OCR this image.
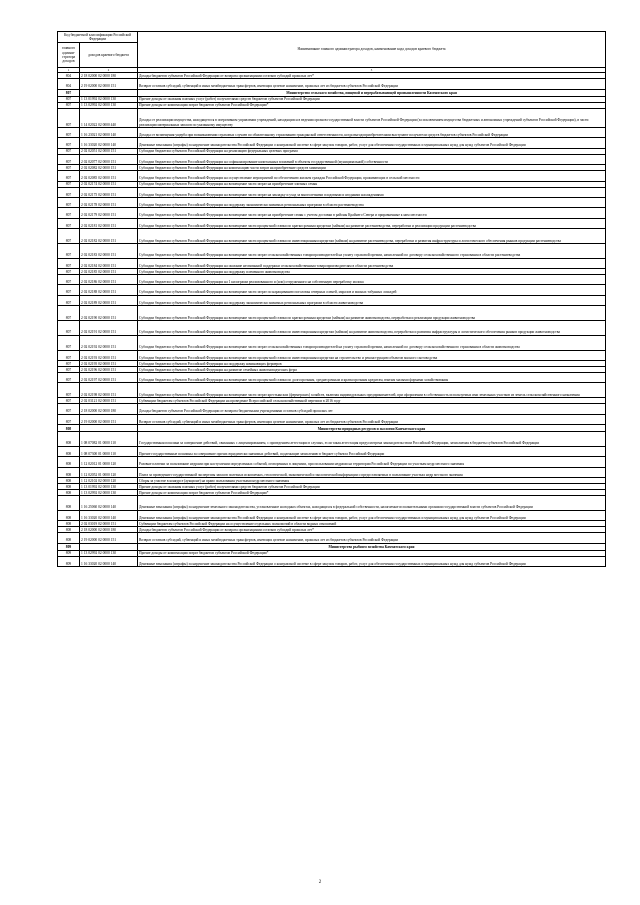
Код бюджетной классификации Российской Федерации		Наименование главного администратора доходов, наименование кода доходов краевого бюджета
главного админи-стратора доходов	доходов краевого бюджета	
1	2	3
804	2 18 02000 02 0000 180	Доходы бюджетов субъектов Российской Федерации от возврата организациями остатков субсидий прошлых лет*
804	2 19 02000 02 0000 151	Возврат остатков субсидий, субвенций и иных межбюджетных трансфертов, имеющих целевое назначение, прошлых лет из бюджетов субъектов Российской Федерации
807		Министерство сельского хозяйства, пищевой и перерабатывающей промышленности Камчатского края
807	1 13 01992 02 0000 130	Прочие доходы от оказания платных услуг (работ) получателями средств бюджетов субъектов Российской Федерации
807	1 13 02992 02 0000 130	Прочие доходы от компенсации затрат бюджетов субъектов Российской Федерации*
807	1 14 02022 02 0000 440	Доходы от реализации имущества, находящегося в оперативном управлении учреждений, находящихся в ведении органов государственной власти субъектов Российской Федерации (за исключением имущества бюджетных и автономных учреждений субъектов Российской Федерации), в части реализации материальных запасов по указанному имуществу
807	1 16 23021 02 0000 140	Доходы от возмещения ущерба при возникновении страховых случаев по обязательному страхованию гражданской ответственности, когда выгодоприобретателями выступают получатели средств бюджетов субъектов Российской Федерации
807	1 16 33020 02 0000 140	Денежные взыскания (штрафы) за нарушение законодательства Российской Федерации о контрактной системе в сфере закупок товаров, работ, услуг для обеспечения государственных и муниципальных нужд для нужд субъектов Российской Федерации
807	2 02 02051 02 0000 151	Субсидии бюджетам субъектов Российской Федерации на реализацию федеральных целевых программ
807	2 02 02077 02 0000 151	Субсидии бюджетам субъектов Российской Федерации на софинансирование капитальных вложений в объекты государственной (муниципальной) собственности
807	2 02 02082 02 0000 151	Субсидии бюджетам субъектов Российской Федерации на компенсацию части затрат на приобретение средств химизации
807	2 02 02085 02 0000 151	Субсидии бюджетам субъектов Российской Федерации на осуществление мероприятий по обеспечению жильем граждан Российской Федерации, проживающих в сельской местности
807	2 02 02174 02 0000 151	Субсидии бюджетам субъектов Российской Федерации на возмещение части затрат на приобретение элитных семян
807	2 02 02175 02 0000 151	Субсидии бюджетам субъектов Российской Федерации на возмещение части затрат на закладку и уход за многолетними плодовыми и ягодными насаждениями
807	2 02 02178 02 0000 151	Субсидии бюджетам субъектов Российской Федерации на поддержку экономически значимых региональных программ в области растениеводства
807	2 02 02179 02 0000 151	Субсидии бюджетам субъектов Российской Федерации на возмещение части затрат на приобретение семян с учетом доставки в районы Крайнего Севера и приравненные к ним местности
807	2 02 02181 02 0000 151	Субсидии бюджетам субъектов Российской Федерации на возмещение части процентной ставки по краткосрочным кредитам (займам) на развитие растениеводства, переработки и реализации продукции растениеводства
807	2 02 02182 02 0000 151	Субсидии бюджетам субъектов Российской Федерации на возмещение части процентной ставки по инвестиционным кредитам (займам) на развитие растениеводства, переработки и развития инфраструктуры и логистического обеспечения рынков продукции растениеводства
807	2 02 02183 02 0000 151	Субсидии бюджетам субъектов Российской Федерации на возмещение части затрат сельскохозяйственных товаропроизводителей на уплату страховой премии, начисленной по договору сельскохозяйственного страхования в области растениеводства
807	2 02 02184 02 0000 151	Субсидии бюджетам субъектов Российской Федерации на оказание несвязанной поддержки сельскохозяйственным товаропроизводителям в области растениеводства
807	2 02 02185 02 0000 151	Субсидии бюджетам субъектов Российской Федерации на поддержку племенного животноводства
807	2 02 02186 02 0000 151	Субсидии бюджетам субъектов Российской Федерации на 1 килограмм реализованного и (или) отгруженного на собственную переработку молока
807	2 02 02188 02 0000 151	Субсидии бюджетам субъектов Российской Федерации на возмещение части затрат по наращиванию поголовья северных оленей, маралов и мясных табунных лошадей
807	2 02 02189 02 0000 151	Субсидии бюджетам субъектов Российской Федерации на поддержку экономически значимых региональных программ в области животноводства
807	2 02 02190 02 0000 151	Субсидии бюджетам субъектов Российской Федерации на возмещение части процентной ставки по краткосрочным кредитам (займам) на развитие животноводства, переработки и реализации продукции животноводства
807	2 02 02191 02 0000 151	Субсидии бюджетам субъектов Российской Федерации на возмещение части процентной ставки по инвестиционным кредитам (займам) на развитие животноводства, переработки и развития инфраструктуры и логистического обеспечения рынков продукции животноводства
807	2 02 02192 02 0000 151	Субсидии бюджетам субъектов Российской Федерации на возмещение части затрат сельскохозяйственных товаропроизводителей на уплату страховой премии, начисленной по договору сельскохозяйственного страхования в области животноводства
807	2 02 02193 02 0000 151	Субсидии бюджетам субъектов Российской Федерации на возмещение части процентной ставки по инвестиционным кредитам на строительство и реконструкцию объектов мясного скотоводства
807	2 02 02195 02 0000 151	Субсидии бюджетам субъектов Российской Федерации на поддержку начинающих фермеров
807	2 02 02196 02 0000 151	Субсидии бюджетам субъектов Российской Федерации на развитие семейных животноводческих ферм
807	2 02 02197 02 0000 151	Субсидии бюджетам субъектов Российской Федерации на возмещение части процентной ставки по долгосрочным, среднесрочным и краткосрочным кредитам, взятым малыми формами хозяйствования
807	2 02 02198 02 0000 151	Субсидии бюджетам субъектов Российской Федерации на возмещение части затрат крестьянских (фермерских) хозяйств, включая индивидуальных предпринимателей, при оформлении в собственность используемых ими земельных участков из земель сельскохозяйственного назначения
807	2 02 03121 02 0000 151	Субвенции бюджетам субъектов Российской Федерации на проведение Всероссийской сельскохозяйственной переписи в 2016 году
807	2 18 02000 02 0000 180	Доходы бюджетов субъектов Российской Федерации от возврата бюджетными учреждениями остатков субсидий прошлых лет
807	2 19 02000 02 0000 151	Возврат остатков субсидий, субвенций и иных межбюджетных трансфертов, имеющих целевое назначение, прошлых лет из бюджетов субъектов Российской Федерации
808		Министерство природных ресурсов и экологии Камчатского края
808	1 08 07082 01 0000 110	Государственная пошлина за совершение действий, связанных с лицензированием, с проведением аттестации в случаях, если такая аттестация предусмотрена законодательством Российской Федерации, зачисляемая в бюджеты субъектов Российской Федерации
808	1 08 07300 01 0000 110	Прочие государственные пошлины за совершение прочих юридически значимых действий, подлежащие зачислению в бюджет субъекта Российской Федерации
808	1 12 02012 01 0000 120	Разовые платежи за пользование недрами при наступлении определенных событий, оговоренных в лицензии, при пользовании недрами на территории Российской Федерации по участкам недр местного значения
808	1 12 02052 01 0000 120	Плата за проведение государственной экспертизы запасов полезных ископаемых, геологической, экономической и экологической информации о предоставляемых в пользование участках недр местного значения
808	1 12 02102 02 0000 120	Сборы за участие в конкурсе (аукционе) на право пользования участками недр местного значения
808	1 13 01992 02 0000 130	Прочие доходы от оказания платных услуг (работ) получателями средств бюджетов субъектов Российской Федерации
808	1 13 02992 02 0000 130	Прочие доходы от компенсации затрат бюджетов субъектов Российской Федерации*
808	1 16 25060 02 0000 140	Денежные взыскания (штрафы) за нарушение земельного законодательства, установленное на водных объектах, находящихся в федеральной собственности, налагаемые исполнительными органами государственной власти субъектов Российской Федерации
808	1 16 33020 02 0000 140	Денежные взыскания (штрафы) за нарушение законодательства Российской Федерации о контрактной системе в сфере закупок товаров, работ, услуг для обеспечения государственных и муниципальных нужд для нужд субъектов Российской Федерации
808	2 02 03019 02 0000 151	Субвенции бюджетам субъектов Российской Федерации на осуществление отдельных полномочий в области водных отношений
808	2 18 02000 02 0000 180	Доходы бюджетов субъектов Российской Федерации от возврата организациями остатков субсидий прошлых лет*
808	2 19 02000 02 0000 151	Возврат остатков субсидий, субвенций и иных межбюджетных трансфертов, имеющих целевое назначение, прошлых лет из бюджетов субъектов Российской Федерации
809		Министерство рыбного хозяйства Камчатского края
809	1 13 02992 02 0000 130	Прочие доходы от компенсации затрат бюджетов субъектов Российской Федерации*
809	1 16 33020 02 0000 140	Денежные взыскания (штрафы) за нарушение законодательства Российской Федерации о контрактной системе в сфере закупок товаров, работ, услуг для обеспечения государственных и муниципальных нужд для нужд субъектов Российской Федерации
2
